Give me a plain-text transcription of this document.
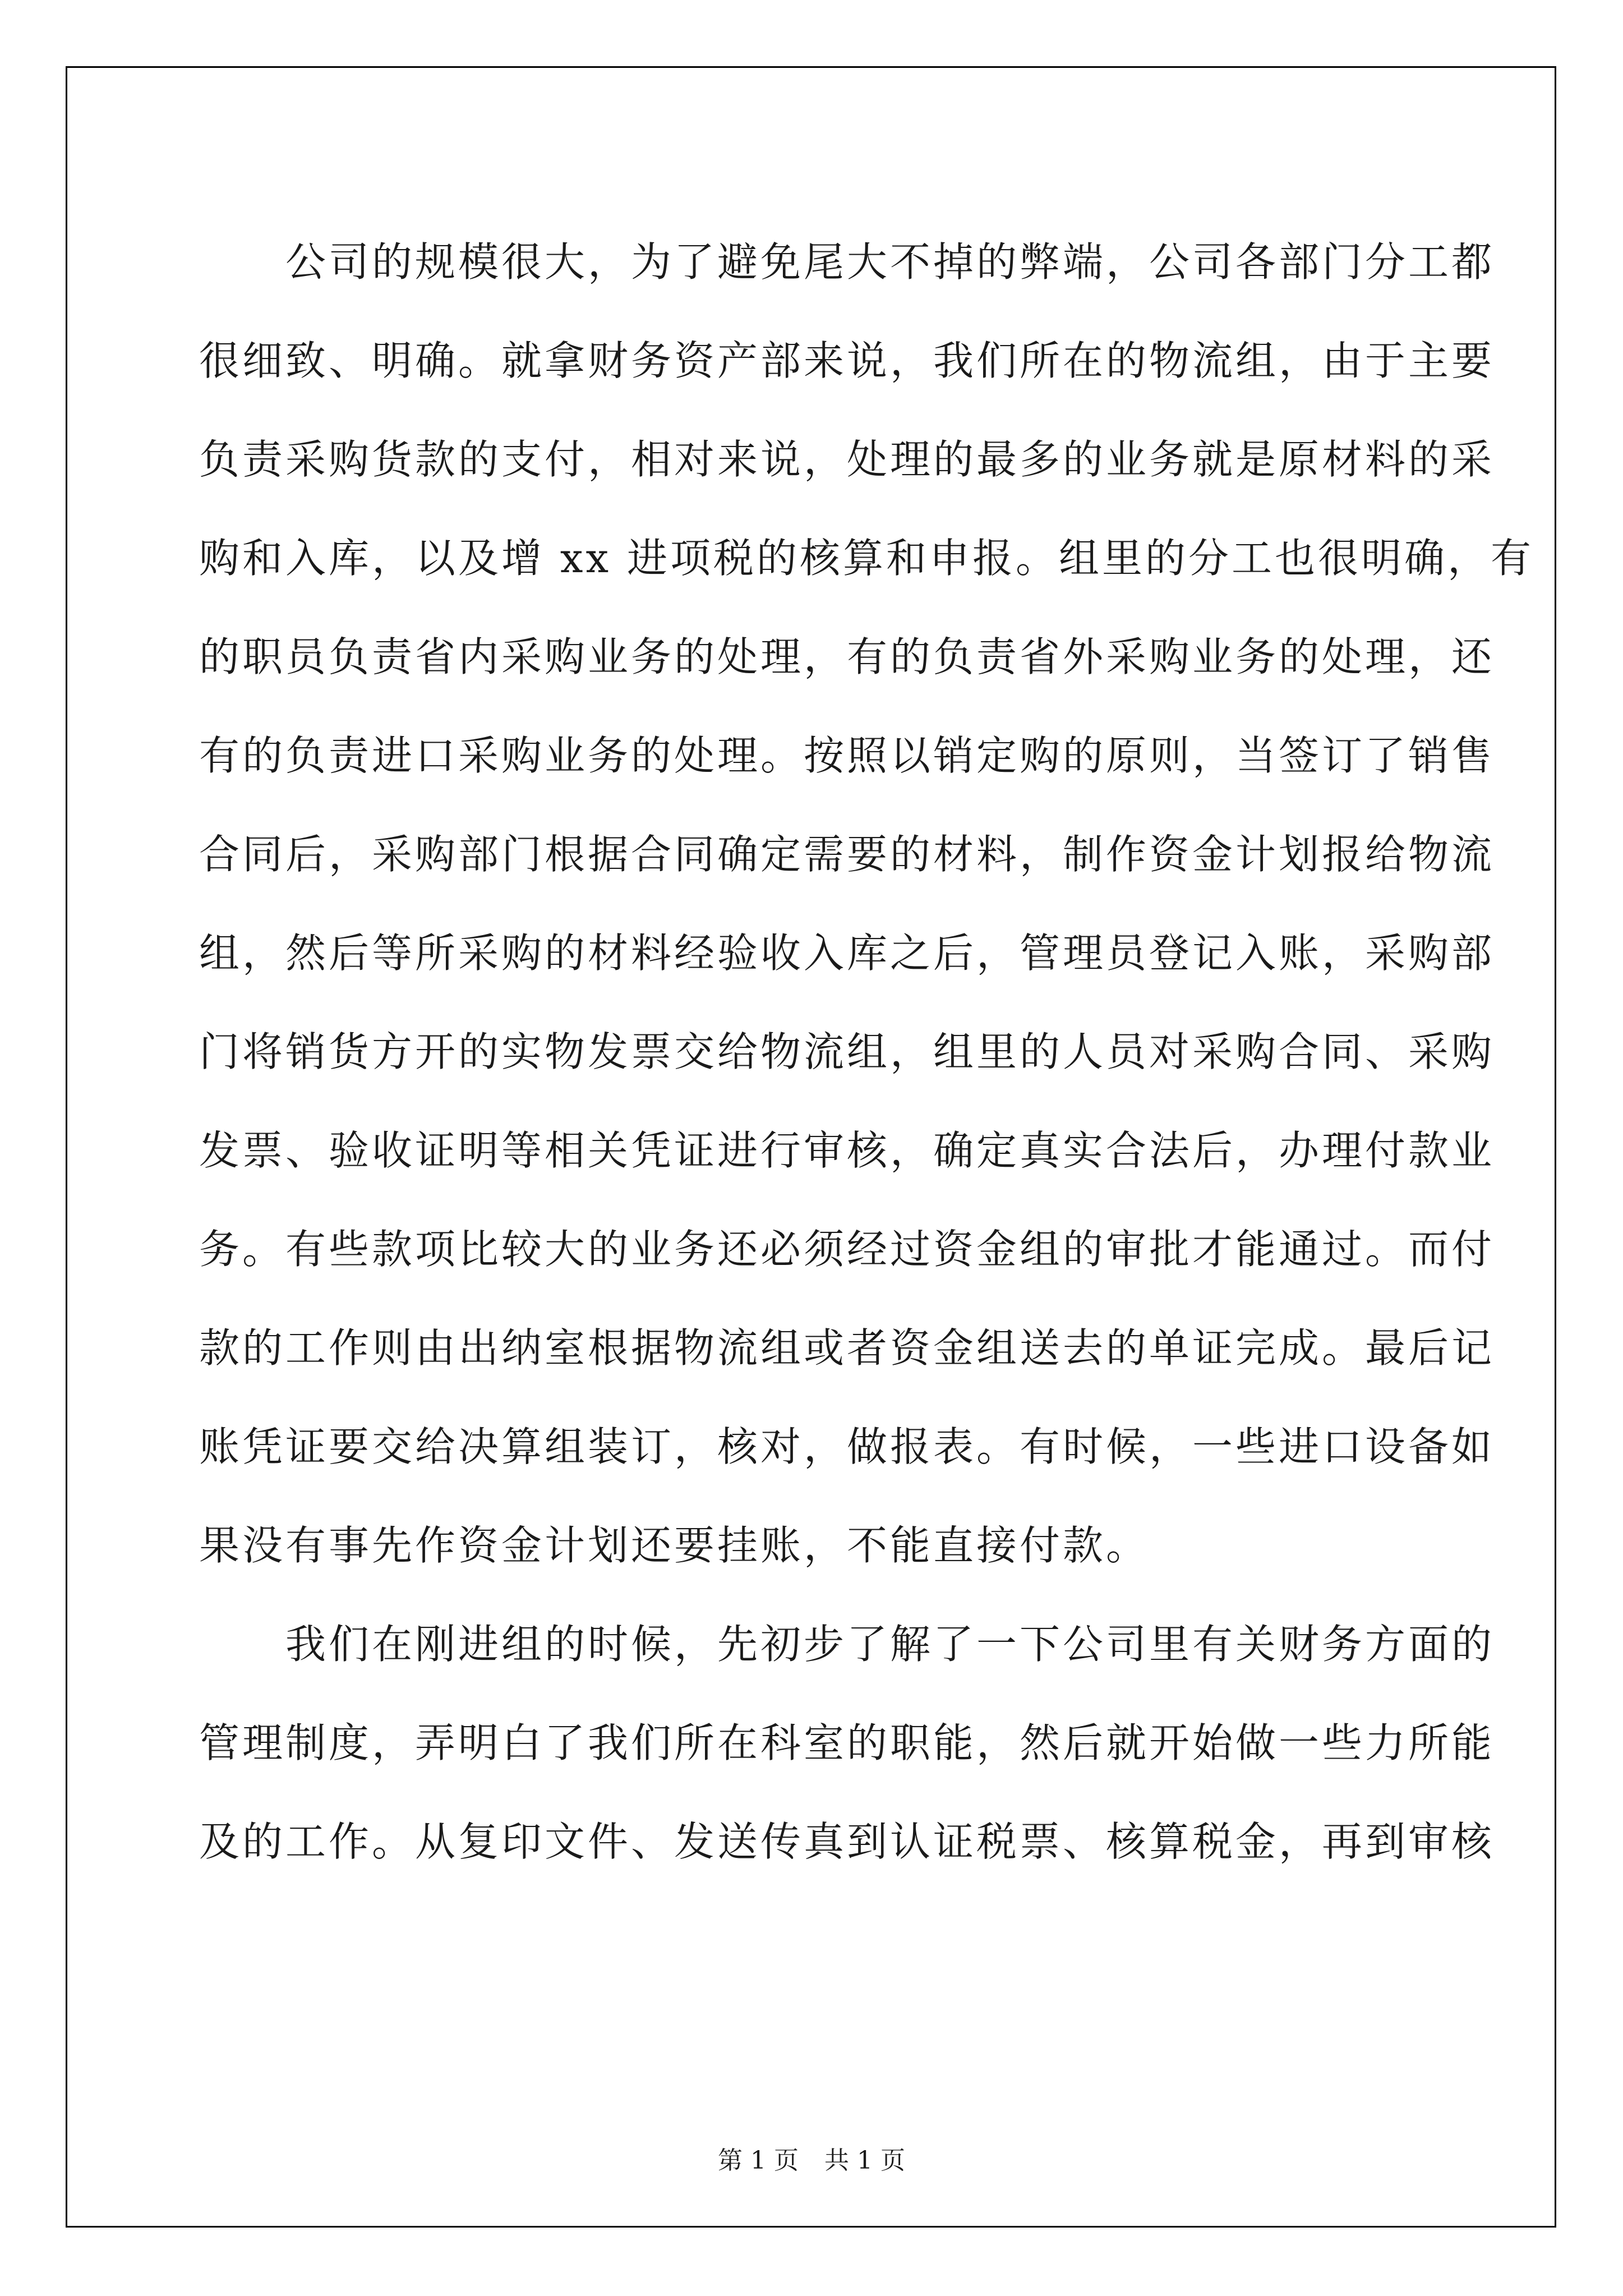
　　公司的规模很大，为了避免尾大不掉的弊端，公司各部门分工都
很细致、明确。就拿财务资产部来说，我们所在的物流组，由于主要
负责采购货款的支付，相对来说，处理的最多的业务就是原材料的采
购和入库，以及增 xx 进项税的核算和申报。组里的分工也很明确，有
的职员负责省内采购业务的处理，有的负责省外采购业务的处理，还
有的负责进口采购业务的处理。按照以销定购的原则，当签订了销售
合同后，采购部门根据合同确定需要的材料，制作资金计划报给物流
组，然后等所采购的材料经验收入库之后，管理员登记入账，采购部
门将销货方开的实物发票交给物流组，组里的人员对采购合同、采购
发票、验收证明等相关凭证进行审核，确定真实合法后，办理付款业
务。有些款项比较大的业务还必须经过资金组的审批才能通过。而付
款的工作则由出纳室根据物流组或者资金组送去的单证完成。最后记
账凭证要交给决算组装订，核对，做报表。有时候，一些进口设备如
果没有事先作资金计划还要挂账，不能直接付款。
　　我们在刚进组的时候，先初步了解了一下公司里有关财务方面的
管理制度，弄明白了我们所在科室的职能，然后就开始做一些力所能
及的工作。从复印文件、发送传真到认证税票、核算税金，再到审核
第 1 页 共 1 页
